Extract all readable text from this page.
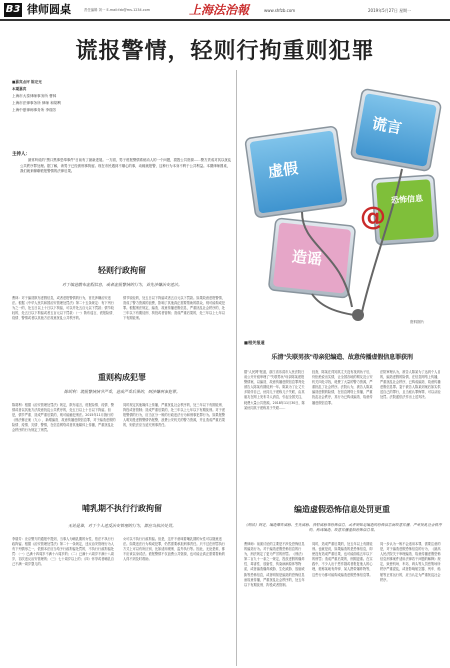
B3 律师圆桌	责任编辑 刘一 E-mail:fzb@ms-1234.com	上海法治報	www.shfzb.com	2019年5月27日 星期一
谎报警情，轻则行拘重则犯罪
■嘉宾点评 陈定光
本期嘉宾
上海市大泰律师事务所 曹林
上海市法律事务所 律师 和胡利
上海中夏律师事务所 李瑞芳
主持人：
最常听说的"黑口黑事恐奉事件"日前有了最新进展。一方面，男子谎报警情系统动人的一个问题，损毁公共资源……警方责成对其以扰乱公共秩序罪处理。据了解，该男子已经被刑事拘留。现在市民遇到不顺心的事，动辄就报警，这种行为本身不利于公共利益。本期律师圆桌，我们就来聊聊谎报警情的法律后果。
轻则行政拘留
对于编造散布虚假信息，或者虚报警情的行为，首先涉嫌治安违法。
曹林：对于编造散布虚假信息，或者虚报警情的行为，首先涉嫌治安违法。根据《中华人民共和国治安管理处罚法》第二十五条规定：有下列行为之一的，处五日以上十日以下拘留，可以并处五百元以下罚款；情节较轻的，处五日以下拘留或者五百元以下罚款：（一）散布谣言，谎报险情、疫情、警情或者以其他方法故意扰乱公共秩序的。
情节较轻的，处五日以下拘留或者五百元以下罚款。如果故意虚报警情，造成了警力资源的浪费，影响了其他真正需要帮助的群众，则可能构成犯罪。根据刑法规定，编造、故意传播虚假信息，严重扰乱社会秩序的，处三年以下有期徒刑、拘役或者管制；造成严重后果的，处三年以上七年以下有期徒刑。
重则构成犯罪
陈胡利：谎报警情情节严重，造成严重后果的，则涉嫌刑事犯罪。
陈胡利：根据《治安管理处罚法》规定，散布谣言，谎报险情、疫情、警情或者以其他方法故意扰乱公共秩序的，处五日以上十日以下拘留。但是，情节严重、造成严重后果的，则可能触犯刑法。2015年11月施行的《刑法修正案（九）》，新增编造、故意传播虚假信息罪，对于编造虚假的险情、疫情、灾情、警情，在信息网络或者其他媒体上传播，严重扰乱社会秩序的行为规定了刑罚。
同时规定其他媒体上传播，严重扰乱社会秩序的，处三年以下有期徒刑、拘役或者管制；造成严重后果的，处三年以上七年以下有期徒刑。对于谎报警情的行为，应当区分一般的行政违法行为和刑事犯罪行为。如果报警人明知是虚假警情仍报警，浪费公安机关的警力资源，并且造成严重后果的，则依法应当追究刑事责任。
哺乳期不执行行政拘留
无论是谁，对于个人违反治安管理的行为，都应当依法处罚。
李瑞芳：北京警方的通报中提到，当事人为哺乳期的女性，依法不执行行政拘留。根据《治安管理处罚法》第二十一条规定，违反治安管理行为人有下列情形之一，依照本法应当给予行政拘留处罚的，不执行行政拘留处罚：（一）已满十四周岁不满十六周岁的；（二）已满十六周岁不满十八周岁，初次违反治安管理的；（三）七十周岁以上的；（四）怀孕或者哺乳自己不满一周岁婴儿的。
女可以不执行行政拘留。但是，这并不意味着哺乳期的女性可以随意违法。如果违法行为构成犯罪，仍然需要承担刑事责任。只不过在刑罚执行方式上可以有所区别，比如适用缓刑、监外执行等。因此，无论是谁，都不应该以身试法。谎报警情不仅浪费公共资源，也可能让真正需要帮助的人得不到及时救助。
@
虚假
谎言
恐怖信息
造谣
资料图片
■相关报道
乐清"失联男孩"母亲犯编造、故意传播虚假信息罪获刑
据"人民网"报道，浙江省乐清市人民法院日前公开开庭审理了"失联男孩"母亲陈某谎报警情案，以编造、故意传播虚假信息罪判处被告人陈某有期徒刑一年。陈某为了让丈夫多陪伴自己，伙同儿子谎称儿子失联，由其朋友在网上发布寻人消息，引起全国关注，耗费大量公共资源。2018年11月30日，陈某伙同其子谎称其子失联……
经查，陈某在得知其丈夫没有找到孩子后，仍拒绝说出实情，让全国各地的网友及公安机关四处寻找，耗费了大量的警力资源，严重扰乱了社会秩序。法院认为，被告人陈某编造虚假的险情，在信息网络上传播，严重扰乱社会秩序，其行为已构成编造、故意传播虚假信息罪。
法院审理认为，被告人陈某为了达到个人目的，编造虚假的险情，在信息网络上传播，严重扰乱社会秩序，已构成编造、故意传播虚假信息罪。鉴于被告人陈某到案后如实供述自己的罪行，且当庭认罪悔罪，可以从轻处罚。法院遂依法作出上述判决。
编造虚假恐怖信息处罚更重
《刑法》规定，编造爆炸威胁、生化威胁、放射威胁等恐怖信息，或者明知是编造的恐怖信息而故意传播，严重扰乱社会秩序的，构成编造、故意传播虚假恐怖信息罪。
曹律师：前面讨论的主要是不涉及恐怖信息的编造行为。对于编造虚假恐怖信息的行为，刑法规定了更为严厉的刑罚。《刑法》第二百九十一条之一规定，投放虚假的爆炸性、毒害性、放射性、传染病病原体等物质，或者编造爆炸威胁、生化威胁、放射威胁等恐怖信息，或者明知是编造的恐怖信息而故意传播，严重扰乱社会秩序的，处五年以下有期徒刑、拘役或者管制。
同时，造成严重后果的，处五年以上有期徒刑。也就是说，如果编造的是恐怖信息，即使没有造成严重后果，也可能面临五年以下的刑罚；造成严重后果的，刑期更重。在实践中，不少人出于恶作剧或者报复他人的心理，谎称某地有炸弹、某人携带爆炸物等，这些行为都可能构成编造虚假恐怖信息罪。
同一步认为一般不会适用本罪，需要注意的是，对于编造虚假恐怖信息的行为，《最高人民法院关于审理编造、故意传播虚假恐怖信息刑事案件适用法律若干问题的解释》规定，致使机场、车站、码头等人员密集场所秩序严重混乱，或者影响航空器、列车、船舶等正常运行的，应当认定为严重扰乱社会秩序。
